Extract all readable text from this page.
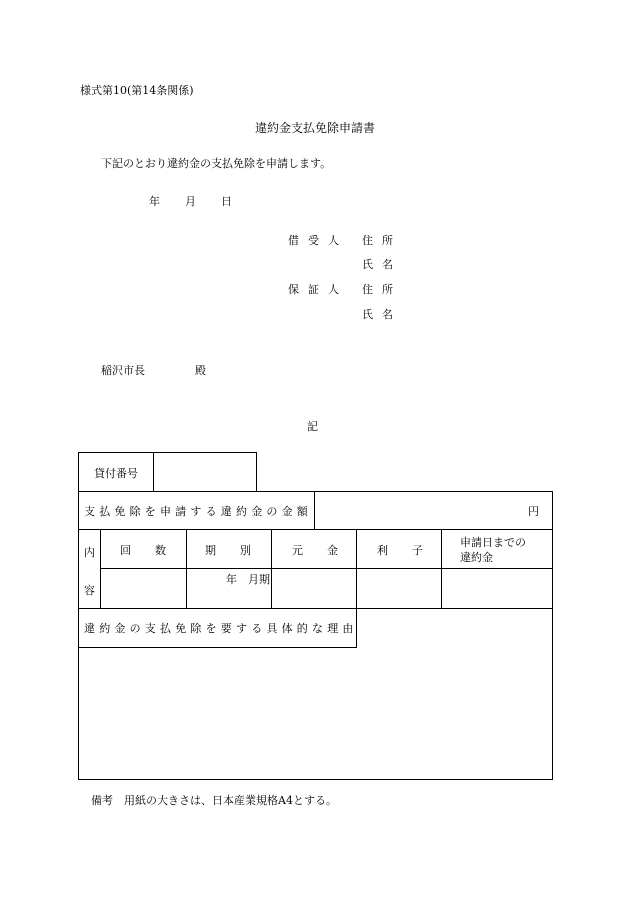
様式第10(第14条関係)
違約金支払免除申請書
下記のとおり違約金の支払免除を申請します。
年 月 日
借受人 住所
氏名
保証人 住所
氏名
稲沢市長	殿
記
貸付番号
支払免除を申請する違約金の金額	円
内
容
回数 期別 元金 利子
申請日までの
違約金
年　月期
違約金の支払免除を要する具体的な理由
備考　用紙の大きさは、日本産業規格A4とする。
